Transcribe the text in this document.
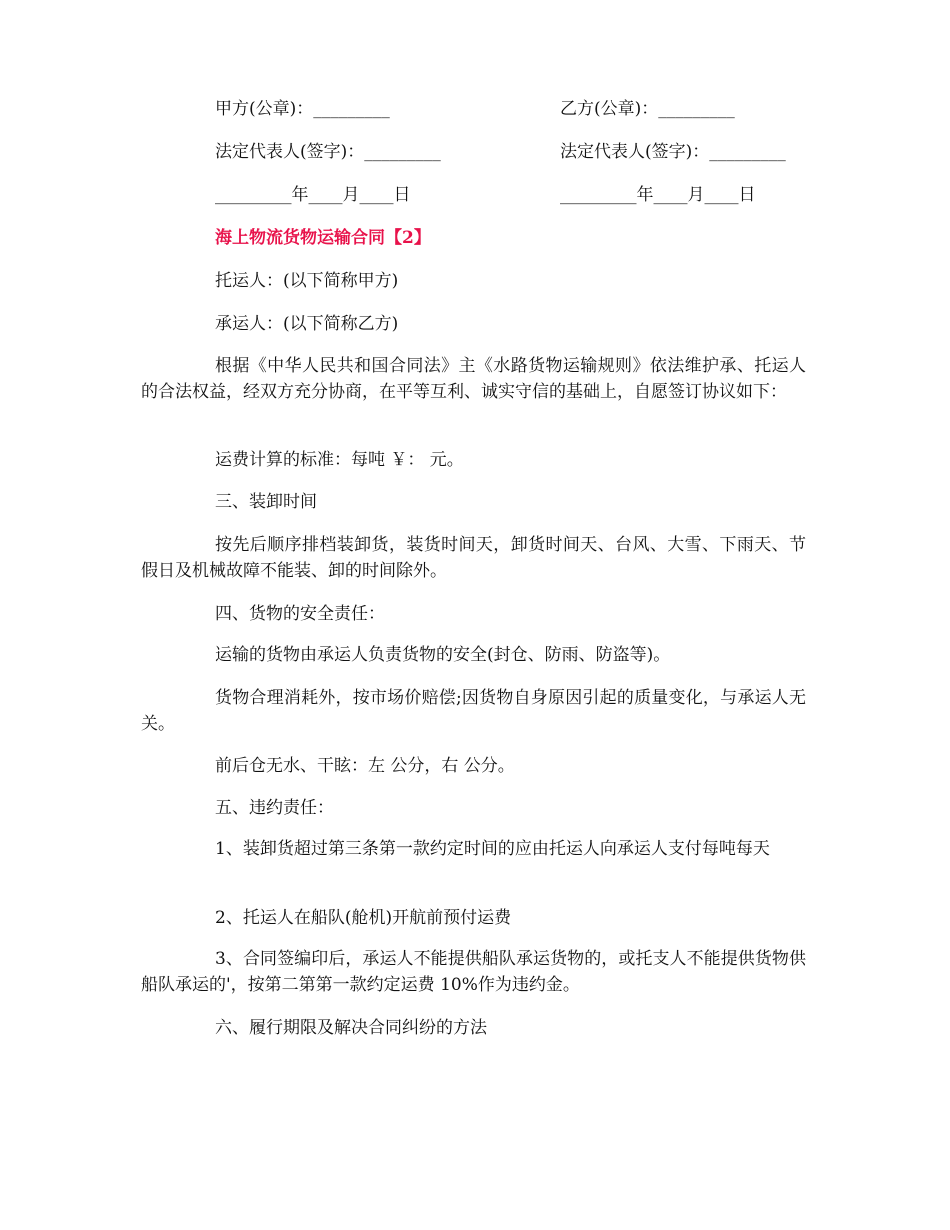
甲方(公章)：_________	乙方(公章)：_________
法定代表人(签字)：_________	法定代表人(签字)：_________
_________年____月____日	_________年____月____日
海上物流货物运输合同【2】
托运人：(以下简称甲方)
承运人：(以下简称乙方)
根据《中华人民共和国合同法》主《水路货物运输规则》依法维护承、托运人的合法权益，经双方充分协商，在平等互利、诚实守信的基础上，自愿签订协议如下：
运费计算的标准：每吨 ￥： 元。
三、装卸时间
按先后顺序排档装卸货，装货时间天，卸货时间天、台风、大雪、下雨天、节假日及机械故障不能装、卸的时间除外。
四、货物的安全责任：
运输的货物由承运人负责货物的安全(封仓、防雨、防盗等)。
货物合理消耗外，按市场价赔偿;因货物自身原因引起的质量变化，与承运人无关。
前后仓无水、干眩：左 公分，右 公分。
五、违约责任：
1、装卸货超过第三条第一款约定时间的应由托运人向承运人支付每吨每天
2、托运人在船队(舱机)开航前预付运费
3、合同签编印后，承运人不能提供船队承运货物的，或托支人不能提供货物供船队承运的'，按第二第第一款约定运费 10%作为违约金。
六、履行期限及解决合同纠纷的方法
